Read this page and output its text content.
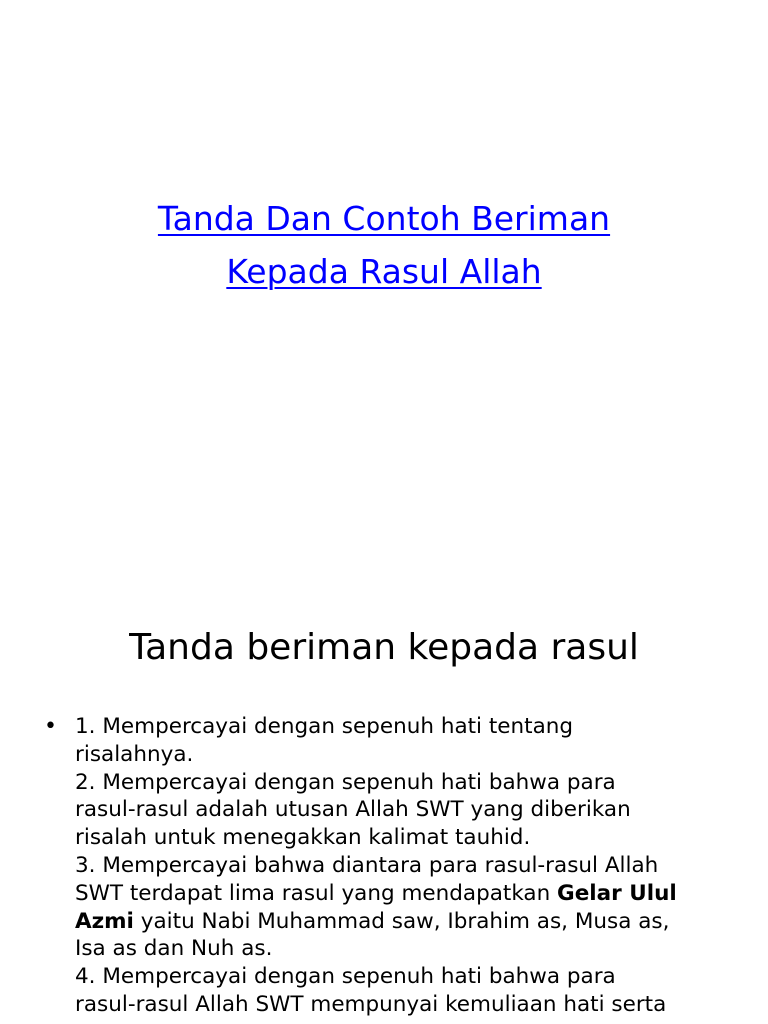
Tanda Dan Contoh Beriman
Kepada Rasul Allah
Tanda beriman kepada rasul
• 1. Mempercayai dengan sepenuh hati tentang
risalahnya.
2. Mempercayai dengan sepenuh hati bahwa para
rasul-rasul adalah utusan Allah SWT yang diberikan
risalah untuk menegakkan kalimat tauhid.
3. Mempercayai bahwa diantara para rasul-rasul Allah
SWT terdapat lima rasul yang mendapatkan Gelar Ulul
Azmi yaitu Nabi Muhammad saw, Ibrahim as, Musa as,
Isa as dan Nuh as.
4. Mempercayai dengan sepenuh hati bahwa para
rasul-rasul Allah SWT mempunyai kemuliaan hati serta
